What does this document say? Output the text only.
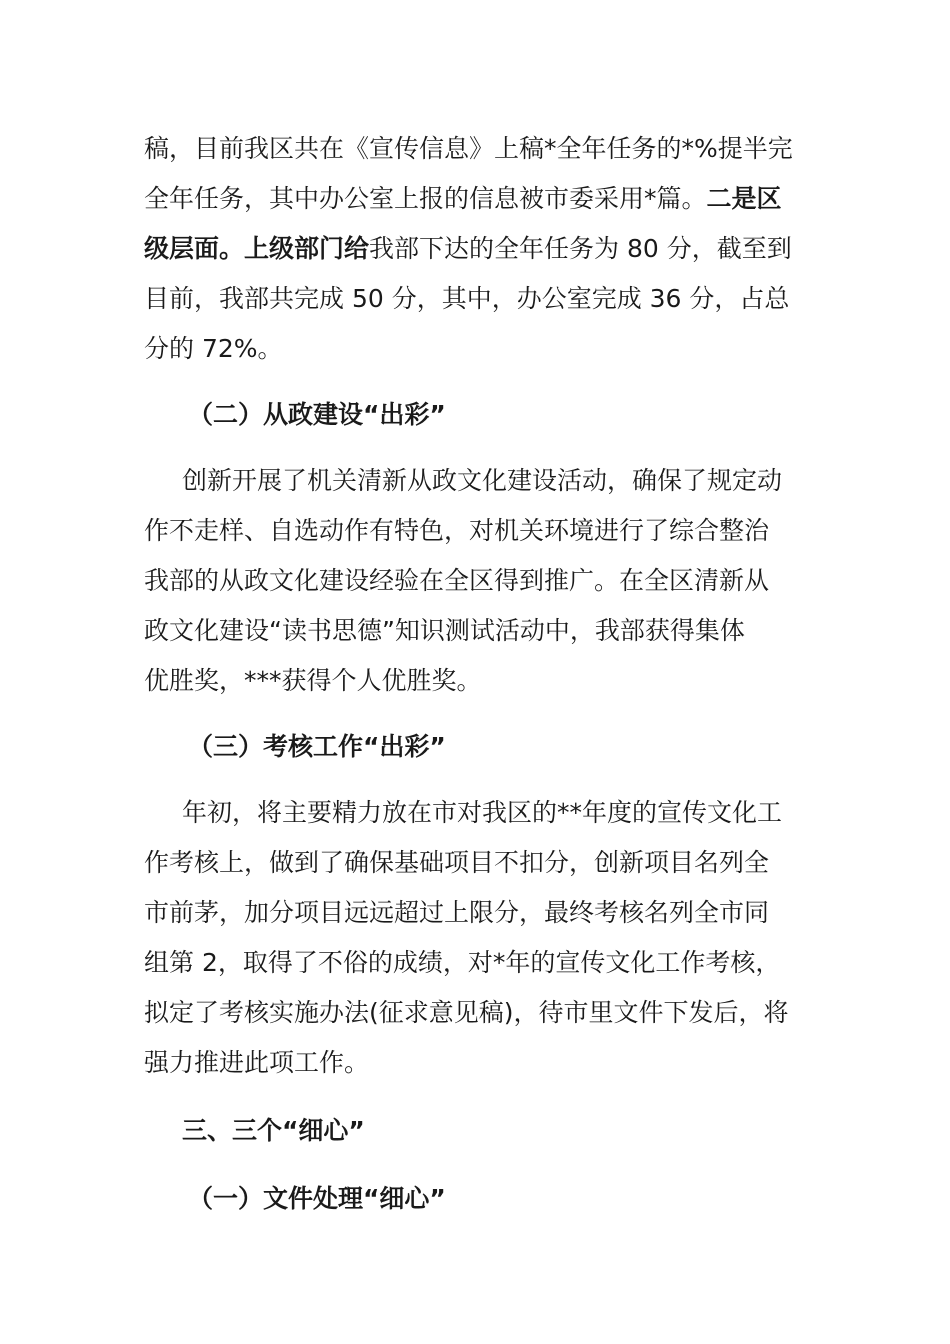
稿，目前我区共在《宣传信息》上稿*全年任务的*%提半完
全年任务，其中办公室上报的信息被市委采用*篇。二是区
级层面。上级部门给我部下达的全年任务为 80 分，截至到
目前，我部共完成 50 分，其中，办公室完成 36 分，占总
分的 72%。
（二）从政建设“出彩”
创新开展了机关清新从政文化建设活动，确保了规定动
作不走样、自选动作有特色，对机关环境进行了综合整治
我部的从政文化建设经验在全区得到推广。在全区清新从
政文化建设“读书思德”知识测试活动中，我部获得集体
优胜奖，***获得个人优胜奖。
（三）考核工作“出彩”
年初，将主要精力放在市对我区的**年度的宣传文化工
作考核上，做到了确保基础项目不扣分，创新项目名列全
市前茅，加分项目远远超过上限分，最终考核名列全市同
组第 2，取得了不俗的成绩，对*年的宣传文化工作考核，
拟定了考核实施办法(征求意见稿)，待市里文件下发后，将
强力推进此项工作。
三、三个“细心”
（一）文件处理“细心”
